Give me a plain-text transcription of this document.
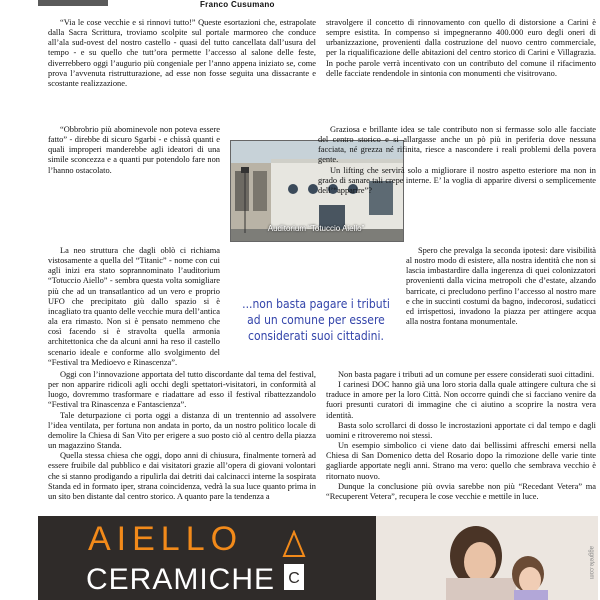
Franco Cusumano

“Via le cose vecchie e si rinnovi tutto!” Queste esortazioni che, estrapolate dalla Sacra Scrittura, troviamo scolpite sul portale marmoreo che conduce all’ala sud-ovest del nostro castello - quasi del tutto cancellata dall’usura del tempo - e su quello che tutt’ora permette l’accesso al salone delle feste, diverrebbero oggi l’augurio più congeniale per l’anno appena iniziato se, come prova l’avvenuta ristrutturazione, ad esse non fosse seguita una dissacrante e scostante realizzazione.

stravolgere il concetto di rinnovamento con quello di distorsione a Carini è sempre esistita. In compenso si impegneranno 400.000 euro degli oneri di urbanizzazione, provenienti dalla costruzione del nuovo centro commerciale, per la riqualificazione delle abitazioni del centro storico di Carini e Villagrazia. In poche parole verrà incentivato con un contributo del comune il rifacimento delle facciate rendendole in sintonia con monumenti che visitrovano.

“Obbrobrio più abominevole non poteva essere fatto” - direbbe di sicuro Sgarbi - e chissà quanti e quali improperi manderebbe agli ideatori di una simile sconcezza e a quanti pur potendolo fare non l’hanno ostacolato.

Auditorium “Totuccio Aiello”

Graziosa e brillante idea se tale contributo non si fermasse solo alle facciate del centro storico e si allargasse anche un pò più in periferia dove nessuna facciata, né grezza né rifinita, riesce a nascondere i reali problemi della povera gente.

Un lifting che servirà solo a migliorare il nostro aspetto esteriore ma non in grado di sanare tali crepe interne. E’ la voglia di apparire diversi o semplicemente dell’“apparire”?

La neo struttura che dagli oblò ci richiama vistosamente a quella del “Titanic” - nome con cui agli inizi era stato soprannominato l’auditorium “Totuccio Aiello” - sembra questa volta somigliare più che ad un transatlantico ad un vero e proprio UFO che precipitato giù dallo spazio si è incagliato tra quanto delle vecchie mura dell’antica ala era rimasto. Non si è pensato nemmeno che così facendo si è stravolta quella armonia architettonica che da alcuni anni ha reso il castello scenario ideale e conforme allo svolgimento del “Festival tra Medioevo e Rinascenza”.

...non basta pagare i tributi ad un comune per essere considerati suoi cittadini.

Spero che prevalga la seconda ipotesi: dare visibilità al nostro modo di esistere, alla nostra identità che non si lascia imbastardire dalla ingerenza di quei colonizzatori provenienti dalla vicina metropoli che d’estate, alzando barricate, ci precludono perfino l’accesso al nostro mare e che in succinti costumi da bagno, indecorosi, sudaticci ed irrispettosi, invadono la piazza per attingere acqua alla nostra fontana monumentale.

Oggi con l’innovazione apportata del tutto discordante dal tema del festival, per non apparire ridicoli agli occhi degli spettatori-visitatori, in conformità al luogo, dovremmo trasformare e riadattare ad esso il festival ribattezzandolo “Festival tra Rinascenza e Fantascienza”.

Tale deturpazione ci porta oggi a distanza di un trentennio ad assolvere l’idea ventilata, per fortuna non andata in porto, da un nostro politico locale di demolire la Chiesa di San Vito per erigere a suo posto ciò al centro della piazza un magazzino Standa.

Quella stessa chiesa che oggi, dopo anni di chiusura, finalmente tornerà ad essere fruibile dal pubblico e dai visitatori grazie all’opera di giovani volontari che si stanno prodigando a ripulirla dai detriti dai calcinacci interne la sospirata Standa ed in formato iper, strana coincidenza, vedrà la sua luce quanto prima in un sito ben distante dal centro storico. A quanto pare la tendenza a

Non basta pagare i tributi ad un comune per essere considerati suoi cittadini.

I carinesi DOC hanno già una loro storia dalla quale attingere cultura che si traduce in amore per la loro Città. Non occorre quindi che si facciano venire da fuori presunti curatori di immagine che ci aiutino a scoprire la nostra vera identità.

Basta solo scrollarci di dosso le incrostazioni apportate ci dal tempo e dagli uomini e ritroveremo noi stessi.

Un esempio simbolico ci viene dato dai bellissimi affreschi emersi nella Chiesa di San Domenico detta del Rosario dopo la rimozione delle varie tinte gagliarde apportate negli anni. Strano ma vero: quello che sembrava vecchio è ritornato nuovo.

Dunque la conclusione più ovvia sarebbe non più “Recedant Vetera” ma “Recuperent Vetera”, recupera le cose vecchie e mettile in luce.

AIELLO
CERAMICHE C	aggrefe.com
